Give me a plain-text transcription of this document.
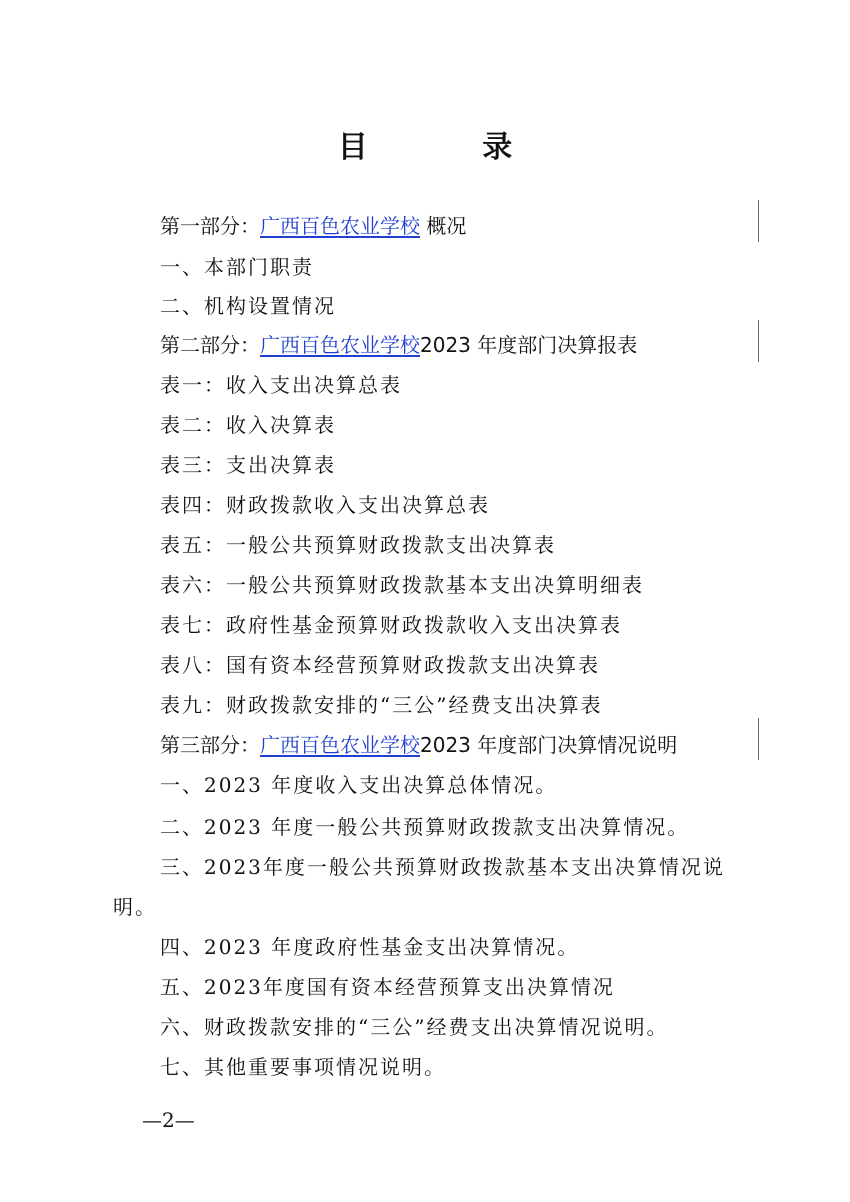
目 录
第一部分：广西百色农业学校 概况
一、本部门职责
二、机构设置情况
第二部分：广西百色农业学校2023 年度部门决算报表
表一：收入支出决算总表
表二：收入决算表
表三：支出决算表
表四：财政拨款收入支出决算总表
表五：一般公共预算财政拨款支出决算表
表六：一般公共预算财政拨款基本支出决算明细表
表七：政府性基金预算财政拨款收入支出决算表
表八：国有资本经营预算财政拨款支出决算表
表九：财政拨款安排的“三公”经费支出决算表
第三部分：广西百色农业学校2023 年度部门决算情况说明
一、2023 年度收入支出决算总体情况。
二、2023 年度一般公共预算财政拨款支出决算情况。
三、2023年度一般公共预算财政拨款基本支出决算情况说
明。
四、2023 年度政府性基金支出决算情况。
五、2023年度国有资本经营预算支出决算情况
六、财政拨款安排的“三公”经费支出决算情况说明。
七、其他重要事项情况说明。
—2—
